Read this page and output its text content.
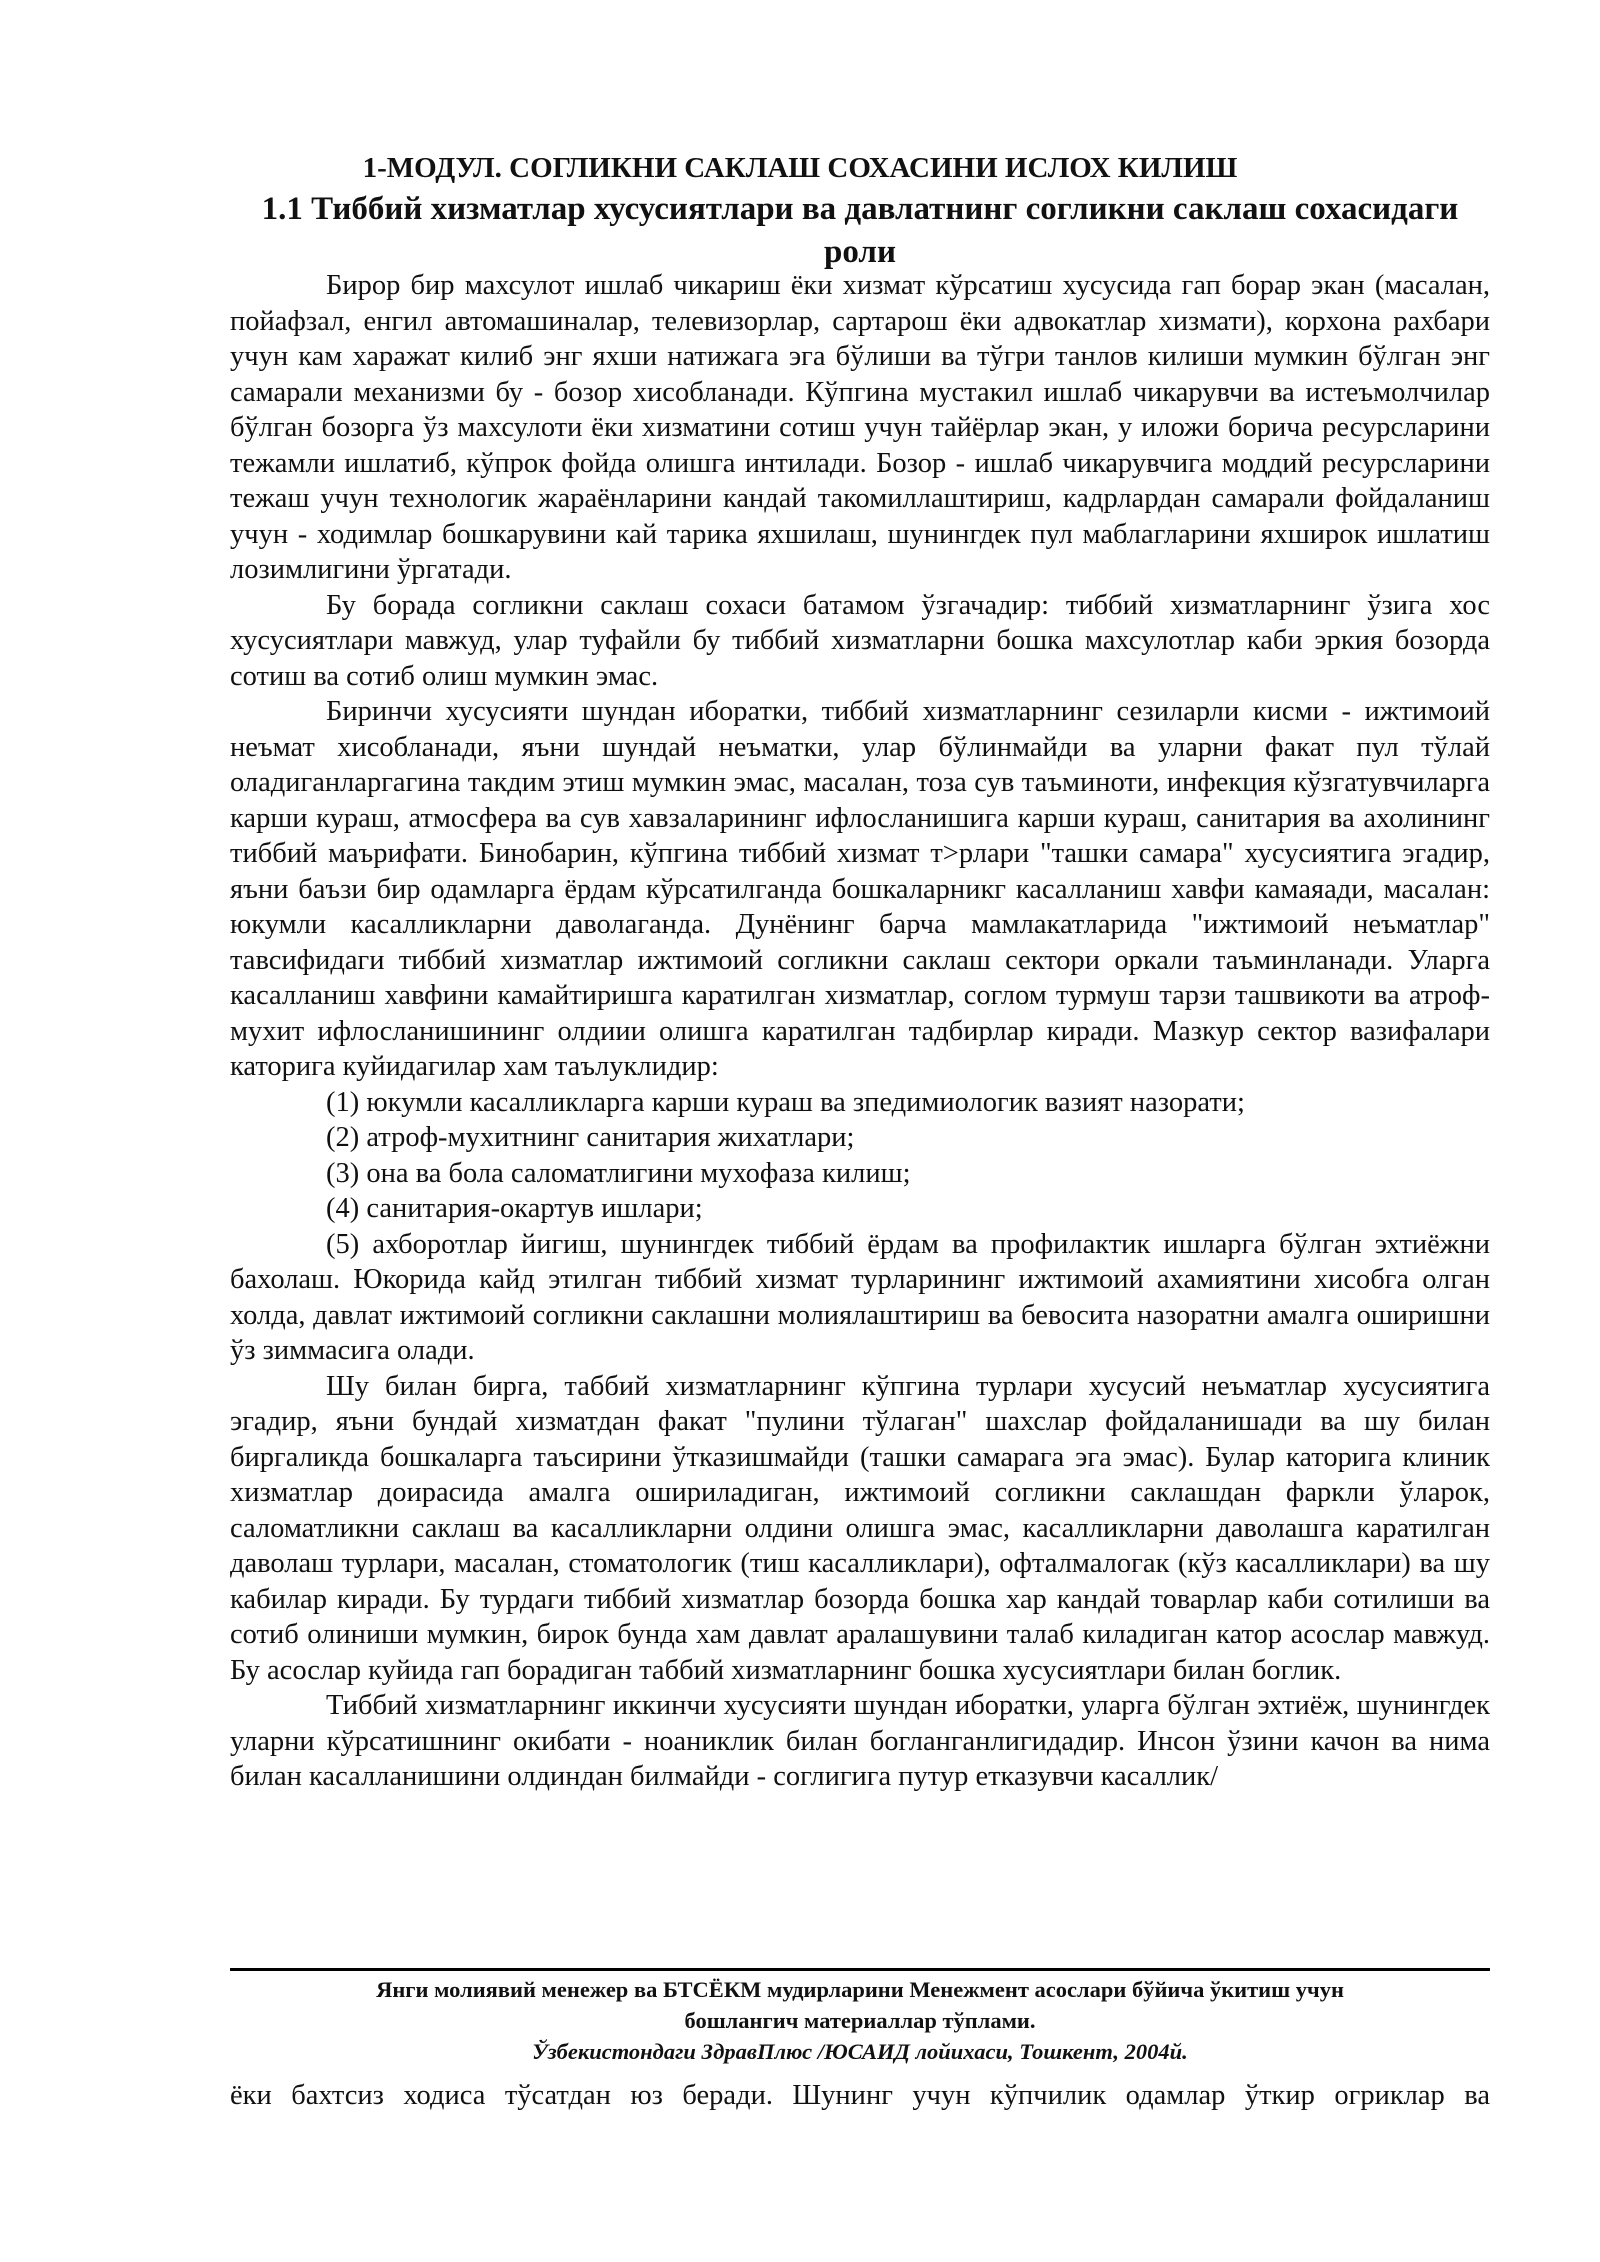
1-МОДУЛ. СОГЛИКНИ САКЛАШ СОХАСИНИ ИСЛОХ КИЛИШ
1.1 Тиббий хизматлар хусусиятлари ва давлатнинг согликни саклаш сохасидаги роли

Бирор бир махсулот ишлаб чикариш ёки хизмат кўрсатиш хусусида гап борар экан (масалан, пойафзал, енгил автомашиналар, телевизорлар, сартарош ёки адвокатлар хизмати), корхона рахбари учун кам харажат килиб энг яхши натижага эга бўлиши ва тўгри танлов килиши мумкин бўлган энг самарали механизми бу - бозор хисобланади. Кўпгина мустакил ишлаб чикарувчи ва истеъмолчилар бўлган бозорга ўз махсулоти ёки хизматини сотиш учун тайёрлар экан, у иложи борича ресурсларини тежамли ишлатиб, кўпрок фойда олишга интилади. Бозор - ишлаб чикарувчига моддий ресурсларини тежаш учун технологик жараёнларини кандай такомиллаштириш, кадрлардан самарали фойдаланиш учун - ходимлар бошкарувини кай тарика яхшилаш, шунингдек пул маблагларини яхширок ишлатиш лозимлигини ўргатади.

Бу борада согликни саклаш сохаси батамом ўзгачадир: тиббий хизматларнинг ўзига хос хусусиятлари мавжуд, улар туфайли бу тиббий хизматларни бошка махсулотлар каби эркия бозорда сотиш ва сотиб олиш мумкин эмас.

Биринчи хусусияти шундан иборатки, тиббий хизматларнинг сезиларли кисми - ижтимоий неъмат хисобланади, яъни шундай неъматки, улар бўлинмайди ва уларни факат пул тўлай оладиганларгагина такдим этиш мумкин эмас, масалан, тоза сув таъминоти, инфекция кўзгатувчиларга карши кураш, атмосфера ва сув хавзаларининг ифлосланишига карши кураш, санитария ва ахолининг тиббий маърифати. Бинобарин, кўпгина тиббий хизмат т>рлари "ташки самара" хусусиятига эгадир, яъни баъзи бир одамларга ёрдам кўрсатилганда бошкаларникг касалланиш хавфи камаяади, масалан: юкумли касалликларни даволаганда. Дунёнинг барча мамлакатларида "ижтимоий неъматлар" тавсифидаги тиббий хизматлар ижтимоий согликни саклаш сектори оркали таъминланади. Уларга касалланиш хавфини камайтиришга каратилган хизматлар, соглом турмуш тарзи ташвикоти ва атроф-мухит ифлосланишининг олдиии олишга каратилган тадбирлар киради. Мазкур сектор вазифалари каторига куйидагилар хам таълуклидир:

(1) юкумли касалликларга карши кураш ва зпедимиологик вазият назорати;

(2) атроф-мухитнинг санитария жихатлари;

(3) она ва бола саломатлигини мухофаза килиш;

(4) санитария-окартув ишлари;

(5) ахборотлар йигиш, шунингдек тиббий ёрдам ва профилактик ишларга бўлган эхтиёжни бахолаш. Юкорида кайд этилган тиббий хизмат турларининг ижтимоий ахамиятини хисобга олган холда, давлат ижтимоий согликни саклашни молиялаштириш ва бевосита назоратни амалга оширишни ўз зиммасига олади.

Шу билан бирга, таббий хизматларнинг кўпгина турлари хусусий неъматлар хусусиятига эгадир, яъни бундай хизматдан факат "пулини тўлаган" шахслар фойдаланишади ва шу билан биргаликда бошкаларга таъсирини ўтказишмайди (ташки самарага эга эмас). Булар каторига клиник хизматлар доирасида амалга ошириладиган, ижтимоий согликни саклашдан фаркли ўларок, саломатликни саклаш ва касалликларни олдини олишга эмас, касалликларни даволашга каратилган даволаш турлари, масалан, стоматологик (тиш касалликлари), офталмалогак (кўз касалликлари) ва шу кабилар киради. Бу турдаги тиббий хизматлар бозорда бошка хар кандай товарлар каби сотилиши ва сотиб олиниши мумкин, бирок бунда хам давлат аралашувини талаб киладиган катор асослар мавжуд. Бу асослар куйида гап борадиган таббий хизматларнинг бошка хусусиятлари билан боглик.

Тиббий хизматларнинг иккинчи хусусияти шундан иборатки, уларга бўлган эхтиёж, шунингдек уларни кўрсатишнинг окибати - ноаниклик билан богланганлигидадир. Инсон ўзини качон ва нима билан касалланишини олдиндан билмайди - соглигига путур етказувчи касаллик/

Янги молиявий менежер ва БТСЁКМ мудирларини Менежмент асослари бўйича ўкитиш учун
бошлангич материаллар тўплами.
Ўзбекистондаги ЗдравПлюс /ЮСАИД лойихаси, Тошкент, 2004й.
ёки бахтсиз ходиса тўсатдан юз беради. Шунинг учун кўпчилик одамлар ўткир огриклар ва
